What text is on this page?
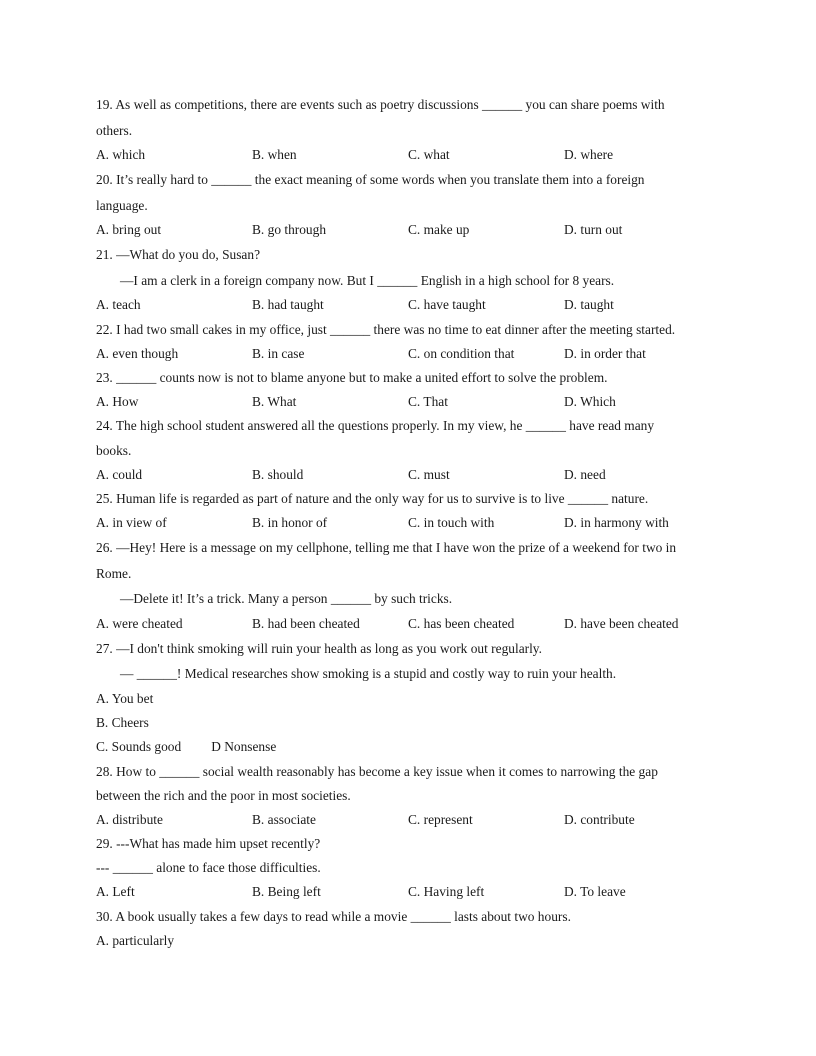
19. As well as competitions, there are events such as poetry discussions ______ you can share poems with
others.
A. which	B. when	C. what	D. where
20. It’s really hard to ______ the exact meaning of some words when you translate them into a foreign
language.
A. bring out	B. go through	C. make up	D. turn out
21. —What do you do, Susan?
—I am a clerk in a foreign company now. But I ______ English in a high school for 8 years.
A. teach	B. had taught	C. have taught	D. taught
22. I had two small cakes in my office, just ______ there was no time to eat dinner after the meeting started.
A. even though	B. in case	C. on condition that	D. in order that
23. ______ counts now is not to blame anyone but to make a united effort to solve the problem.
A. How	B. What	C. That	D. Which
24. The high school student answered all the questions properly. In my view, he ______ have read many
books.
A. could	B. should	C. must	D. need
25. Human life is regarded as part of nature and the only way for us to survive is to live ______ nature.
A. in view of	B. in honor of	C. in touch with	D. in harmony with
26. —Hey! Here is a message on my cellphone, telling me that I have won the prize of a weekend for two in
Rome.
—Delete it! It’s a trick. Many a person ______ by such tricks.
A. were cheated	B. had been cheated	C. has been cheated	D. have been cheated
27. —I don't think smoking will ruin your health as long as you work out regularly.
— ______! Medical researches show smoking is a stupid and costly way to ruin your health.
A. You bet
B. Cheers
C. Sounds good D Nonsense
28. How to ______ social wealth reasonably has become a key issue when it comes to narrowing the gap
between the rich and the poor in most societies.
A. distribute	B. associate	C. represent	D. contribute
29. ---What has made him upset recently?
--- ______ alone to face those difficulties.
A. Left	B. Being left	C. Having left	D. To leave
30. A book usually takes a few days to read while a movie ______ lasts about two hours.
A. particularly
